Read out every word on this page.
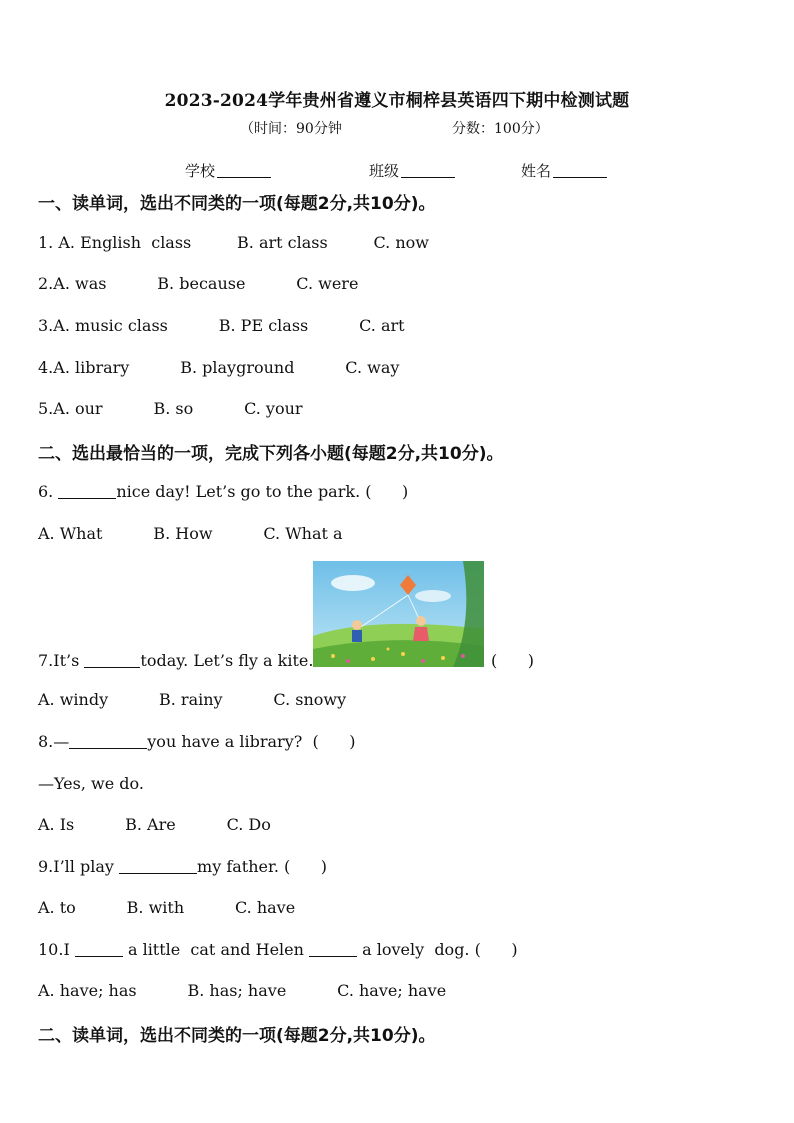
2023-2024学年贵州省遵义市桐梓县英语四下期中检测试题
（时间：90分钟	分数：100分）
学校	班级	姓名
一、读单词，选出不同类的一项(每题2分,共10分)。
1. A. English  class         B. art class         C. now
2.A. was          B. because          C. were
3.A. music class          B. PE class          C. art
4.A. library          B. playground          C. way
5.A. our          B. so          C. your
二、选出最恰当的一项，完成下列各小题(每题2分,共10分)。
6.	nice day! Let’s go to the park. (      )
A. What          B. How          C. What a
7.It’s	today. Let’s fly a kite.	(      )
A. windy          B. rainy          C. snowy
8.—	you have a library?  (      )
—Yes, we do.
A. Is          B. Are          C. Do
9.I’ll play	my father. (      )
A. to          B. with          C. have
10.I	a little  cat and Helen	a lovely  dog. (      )
A. have; has          B. has; have          C. have; have
二、读单词，选出不同类的一项(每题2分,共10分)。
